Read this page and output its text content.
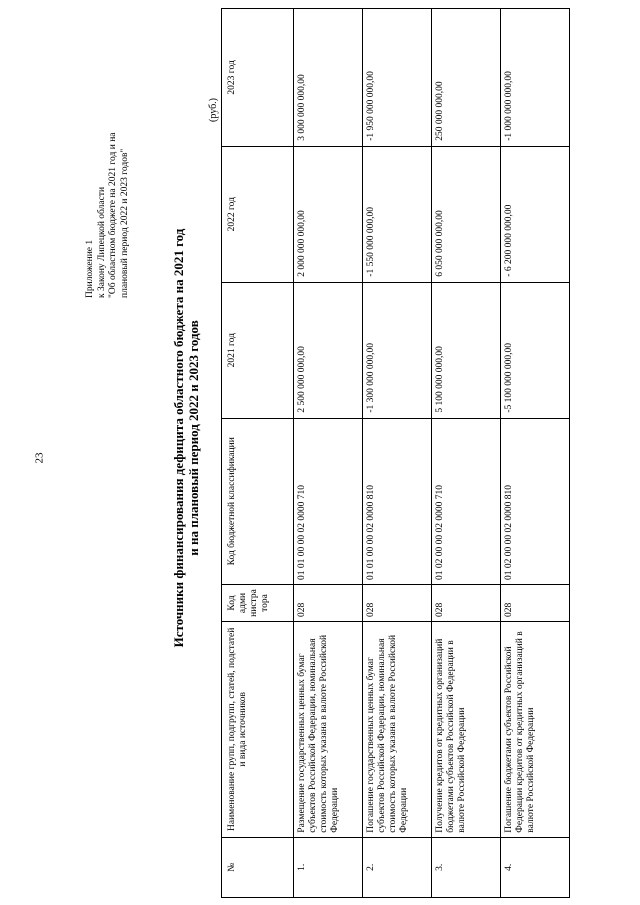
23
Приложение 1 к Закону Липецкой области "Об областном бюджете на 2021 год и на плановый период 2022 и 2023 годов"
Источники финансирования дефицита областного бюджета на 2021 год и на плановый период 2022 и 2023 годов
(руб.)
№	Наименование групп, подгрупп, статей, подстатей и вида источников	Код адми нистра тора	Код бюджетной классификации	2021 год	2022 год	2023 год
1.	Размещение государственных ценных бумаг субъектов Российской Федерации, номинальная стоимость которых указана в валюте Российской Федерации	028	01 01 00 00 02 0000 710	2 500 000 000,00	2 000 000 000,00	3 000 000 000,00
2.	Погашение государственных ценных бумаг субъектов Российской Федерации, номинальная стоимость которых указана в валюте Российской Федерации	028	01 01 00 00 02 0000 810	-1 300 000 000,00	-1 550 000 000,00	-1 950 000 000,00
3.	Получение кредитов от кредитных организаций бюджетами субъектов Российской Федерации в валюте Российской Федерации	028	01 02 00 00 02 0000 710	5 100 000 000,00	6 050 000 000,00	250 000 000,00
4.	Погашение бюджетами субъектов Российской Федерации кредитов от кредитных организаций в валюте Российской Федерации	028	01 02 00 00 02 0000 810	-5 100 000 000,00	- 6 200 000 000,00	-1 000 000 000,00
